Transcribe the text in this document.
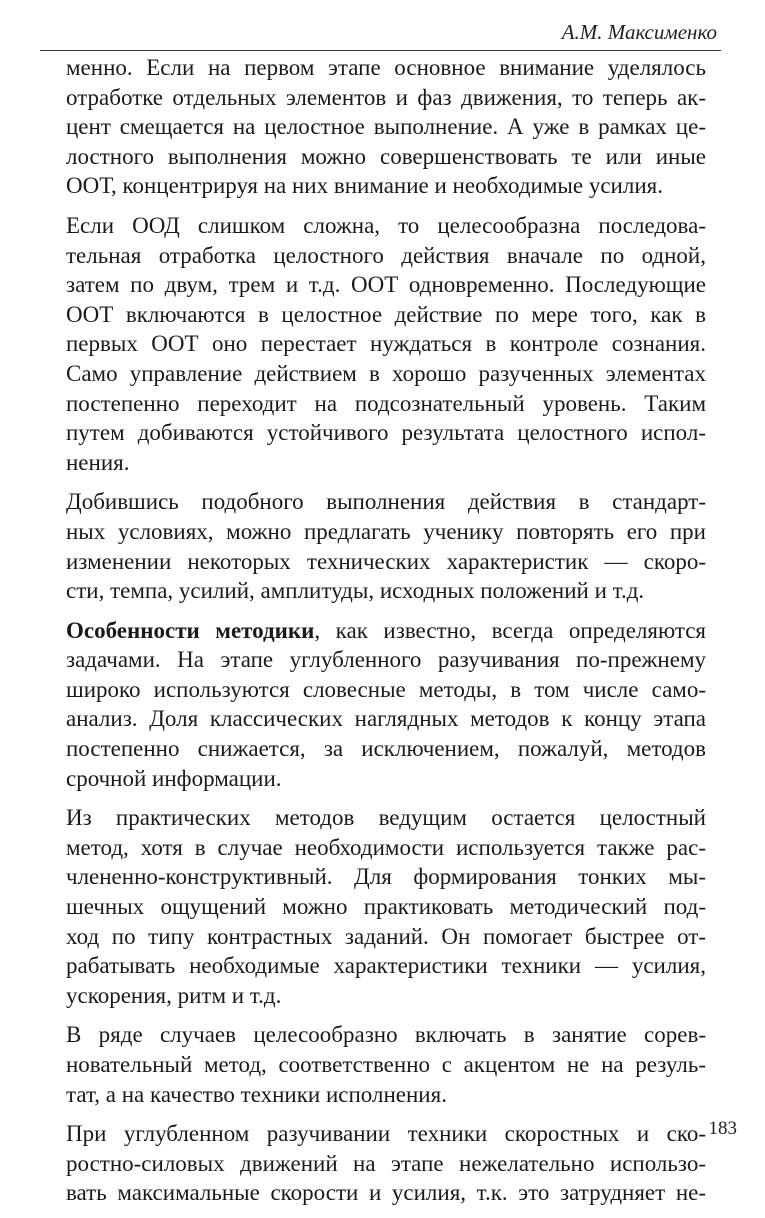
А.М. Максименко
менно. Если на первом этапе основное внимание уделялось
отработке отдельных элементов и фаз движения, то теперь ак-
цент смещается на целостное выполнение. А уже в рамках це-
лостного выполнения можно совершенствовать те или иные
ООТ, концентрируя на них внимание и необходимые усилия.
Если ООД слишком сложна, то целесообразна последова-
тельная отработка целостного действия вначале по одной,
затем по двум, трем и т.д. ООТ одновременно. Последующие
ООТ включаются в целостное действие по мере того, как в
первых ООТ оно перестает нуждаться в контроле сознания.
Само управление действием в хорошо разученных элементах
постепенно переходит на подсознательный уровень. Таким
путем добиваются устойчивого результата целостного испол-
нения.
Добившись подобного выполнения действия в стандарт-
ных условиях, можно предлагать ученику повторять его при
изменении некоторых технических характеристик — скоро-
сти, темпа, усилий, амплитуды, исходных положений и т.д.
Особенности методики, как известно, всегда определяются
задачами. На этапе углубленного разучивания по-прежнему
широко используются словесные методы, в том числе само-
анализ. Доля классических наглядных методов к концу этапа
постепенно снижается, за исключением, пожалуй, методов
срочной информации.
Из практических методов ведущим остается целостный
метод, хотя в случае необходимости используется также рас-
члененно-конструктивный. Для формирования тонких мы-
шечных ощущений можно практиковать методический под-
ход по типу контрастных заданий. Он помогает быстрее от-
рабатывать необходимые характеристики техники — усилия,
ускорения, ритм и т.д.
В ряде случаев целесообразно включать в занятие сорев-
новательный метод, соответственно с акцентом не на резуль-
тат, а на качество техники исполнения.
При углубленном разучивании техники скоростных и ско-
ростно-силовых движений на этапе нежелательно использо-
вать максимальные скорости и усилия, т.к. это затрудняет не-
183
